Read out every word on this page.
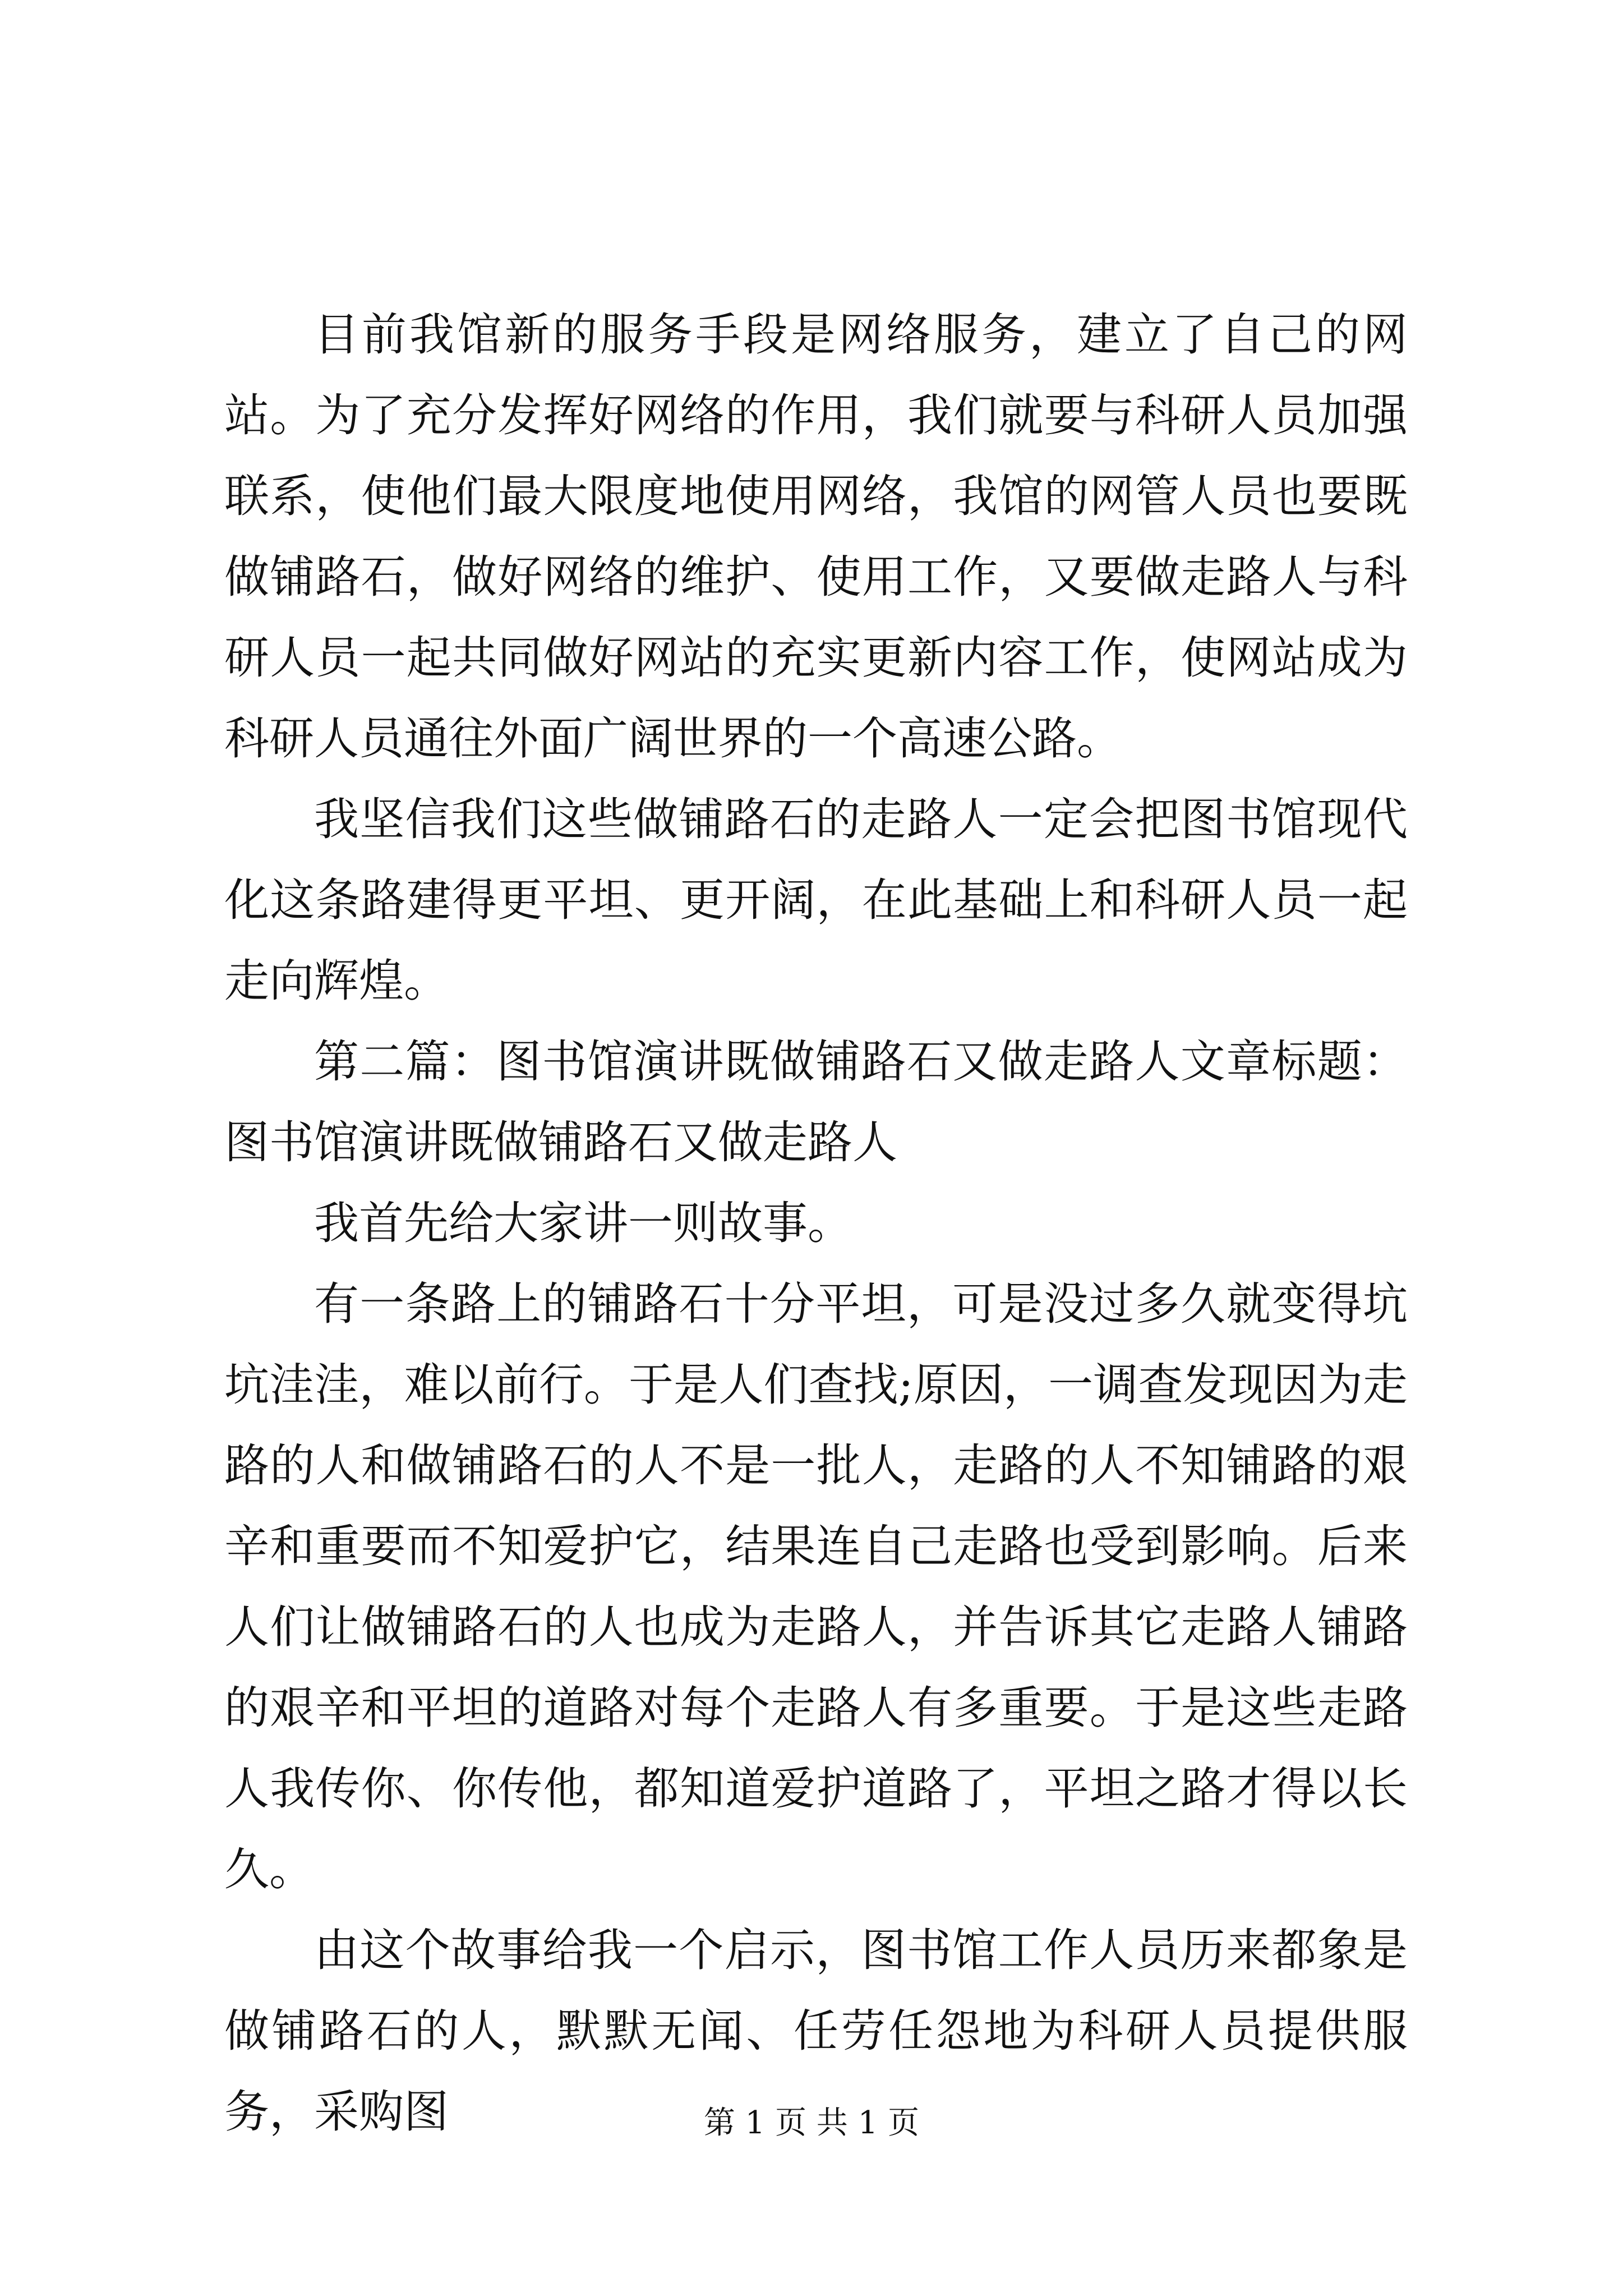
目前我馆新的服务手段是网络服务，建立了自己的网站。为了充分发挥好网络的作用，我们就要与科研人员加强联系，使他们最大限度地使用网络，我馆的网管人员也要既做铺路石，做好网络的维护、使用工作，又要做走路人与科研人员一起共同做好网站的充实更新内容工作，使网站成为科研人员通往外面广阔世界的一个高速公路。

我坚信我们这些做铺路石的走路人一定会把图书馆现代化这条路建得更平坦、更开阔，在此基础上和科研人员一起走向辉煌。

第二篇：图书馆演讲既做铺路石又做走路人文章标题：图书馆演讲既做铺路石又做走路人

我首先给大家讲一则故事。

有一条路上的铺路石十分平坦，可是没过多久就变得坑坑洼洼，难以前行。于是人们查找;原因，一调查发现因为走路的人和做铺路石的人不是一批人，走路的人不知铺路的艰辛和重要而不知爱护它，结果连自己走路也受到影响。后来人们让做铺路石的人也成为走路人，并告诉其它走路人铺路的艰辛和平坦的道路对每个走路人有多重要。于是这些走路人我传你、你传他，都知道爱护道路了，平坦之路才得以长久。

由这个故事给我一个启示，图书馆工作人员历来都象是做铺路石的人，默默无闻、任劳任怨地为科研人员提供服务，采购图	第 1 页 共 1 页
